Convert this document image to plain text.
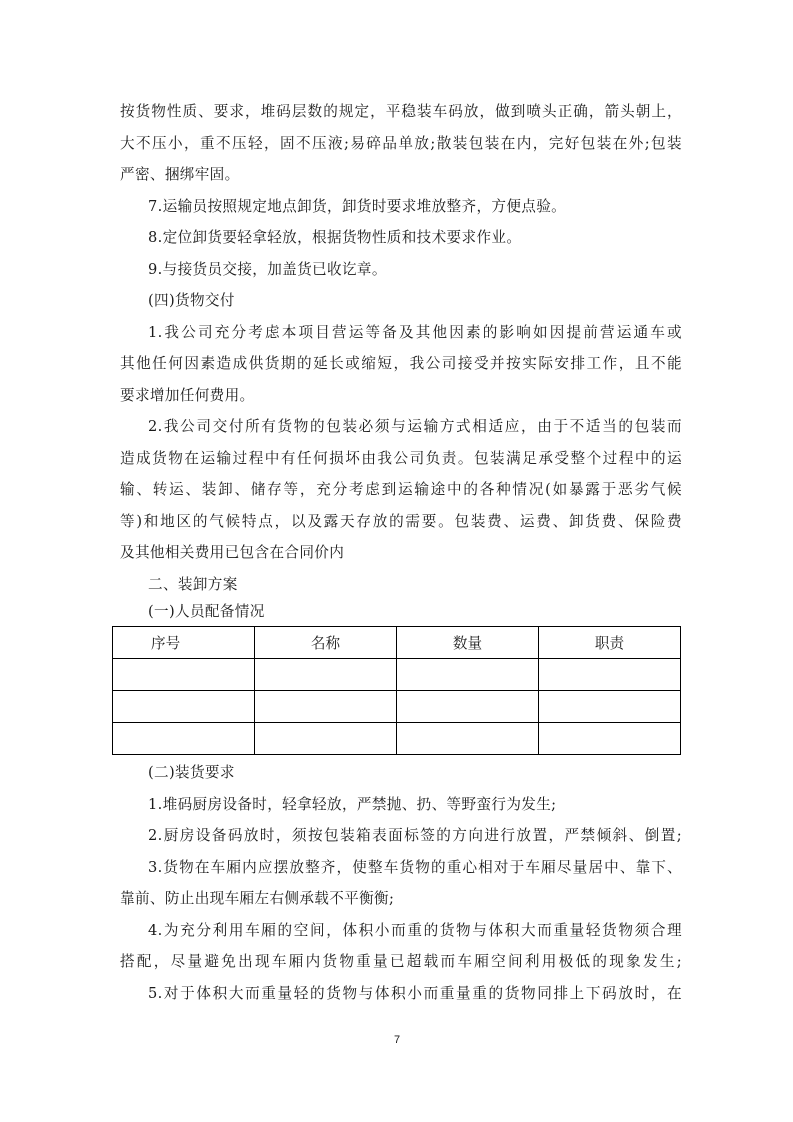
按货物性质、要求，堆码层数的规定，平稳装车码放，做到喷头正确，箭头朝上，
大不压小，重不压轻，固不压液;易碎品单放;散装包装在内，完好包装在外;包装
严密、捆绑牢固。
7.运输员按照规定地点卸货，卸货时要求堆放整齐，方便点验。
8.定位卸货要轻拿轻放，根据货物性质和技术要求作业。
9.与接货员交接，加盖货已收讫章。
(四)货物交付
1.我公司充分考虑本项目营运等备及其他因素的影响如因提前营运通车或
其他任何因素造成供货期的延长或缩短，我公司接受并按实际安排工作，且不能
要求增加任何费用。
2.我公司交付所有货物的包装必须与运输方式相适应，由于不适当的包装而
造成货物在运输过程中有任何损坏由我公司负责。包装满足承受整个过程中的运
输、转运、装卸、储存等，充分考虑到运输途中的各种情况(如暴露于恶劣气候
等)和地区的气候特点，以及露天存放的需要。包装费、运费、卸货费、保险费
及其他相关费用已包含在合同价内
二、装卸方案
(一)人员配备情况
(二)装货要求
1.堆码厨房设备时，轻拿轻放，严禁抛、扔、等野蛮行为发生;
2.厨房设备码放时，须按包装箱表面标签的方向进行放置，严禁倾斜、倒置;
3.货物在车厢内应摆放整齐，使整车货物的重心相对于车厢尽量居中、靠下、
靠前、防止出现车厢左右侧承载不平衡衡;
4.为充分利用车厢的空间，体积小而重的货物与体积大而重量轻货物须合理
搭配，尽量避免出现车厢内货物重量已超载而车厢空间利用极低的现象发生;
5.对于体积大而重量轻的货物与体积小而重量重的货物同排上下码放时，在
序号	名称	数量	职责

7
